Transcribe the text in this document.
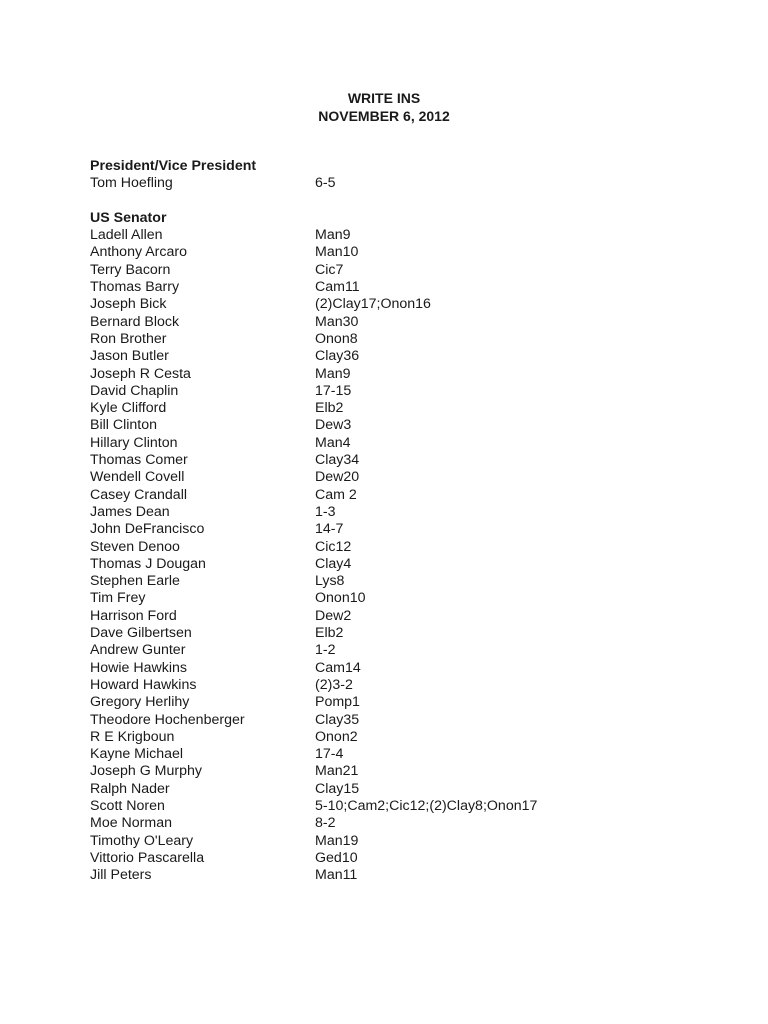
WRITE INS
NOVEMBER 6, 2012
President/Vice President
Tom Hoefling	6-5
US Senator
Ladell Allen	Man9
Anthony Arcaro	Man10
Terry Bacorn	Cic7
Thomas Barry	Cam11
Joseph Bick	(2)Clay17;Onon16
Bernard Block	Man30
Ron Brother	Onon8
Jason Butler	Clay36
Joseph R Cesta	Man9
David Chaplin	17-15
Kyle Clifford	Elb2
Bill Clinton	Dew3
Hillary Clinton	Man4
Thomas Comer	Clay34
Wendell Covell	Dew20
Casey Crandall	Cam 2
James Dean	1-3
John DeFrancisco	14-7
Steven Denoo	Cic12
Thomas J Dougan	Clay4
Stephen Earle	Lys8
Tim Frey	Onon10
Harrison Ford	Dew2
Dave Gilbertsen	Elb2
Andrew Gunter	1-2
Howie Hawkins	Cam14
Howard Hawkins	(2)3-2
Gregory Herlihy	Pomp1
Theodore Hochenberger	Clay35
R E Krigboun	Onon2
Kayne Michael	17-4
Joseph G Murphy	Man21
Ralph Nader	Clay15
Scott Noren	5-10;Cam2;Cic12;(2)Clay8;Onon17
Moe Norman	8-2
Timothy O'Leary	Man19
Vittorio Pascarella	Ged10
Jill Peters	Man11
